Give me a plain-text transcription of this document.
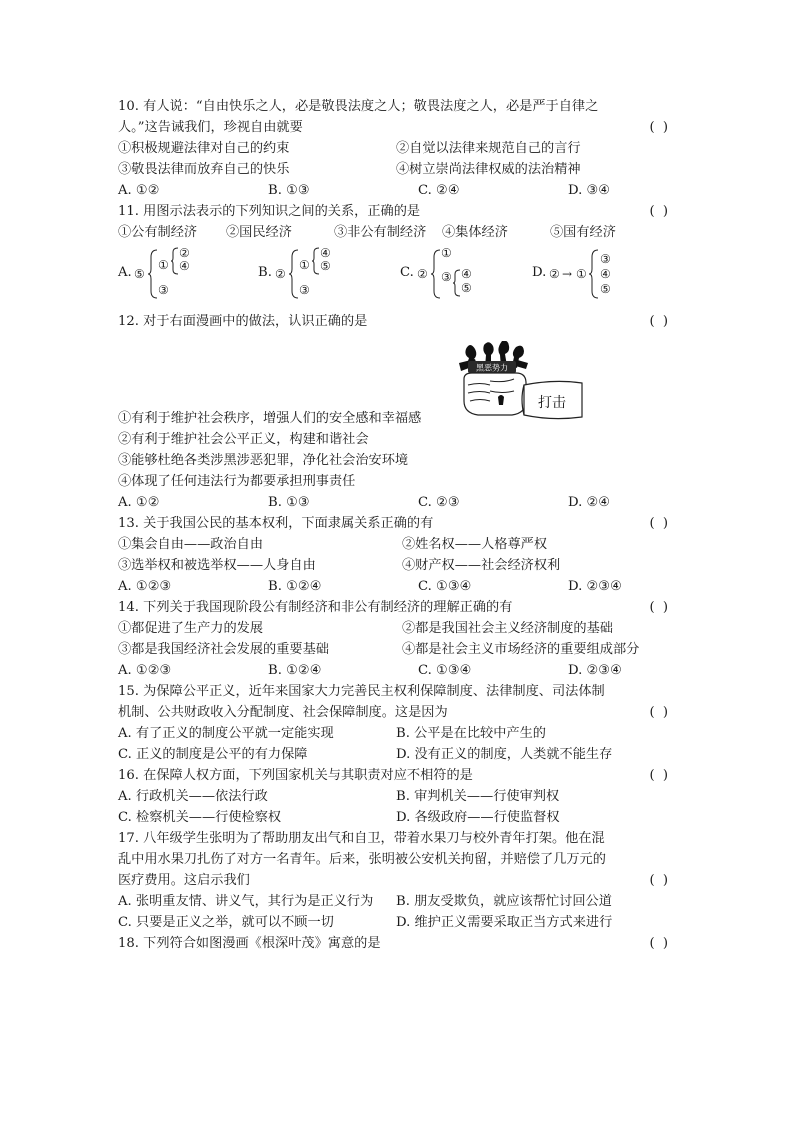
10. 有人说：“自由快乐之人，必是敬畏法度之人；敬畏法度之人，必是严于自律之人。”这告诫我们，珍视自由就要	( )
①积极规避法律对自己的约束	②自觉以法律来规范自己的言行
③敬畏法律而放弃自己的快乐	④树立崇尚法律权威的法治精神
A. ①②	B. ①③	C. ②④	D. ③④
11. 用图示法表示的下列知识之间的关系，正确的是	( )
①公有制经济 ②国民经济	③非公有制经济 ④集体经济	⑤国有经济
A. ⑤
①
②
④
③
B. ②
①
④
⑤
③
C. ②
①
③ ④
⑤
D. ② → ①
③
④
⑤
12. 对于右面漫画中的做法，认识正确的是	( )
黑恶势力
打击
①有利于维护社会秩序，增强人们的安全感和幸福感
②有利于维护社会公平正义，构建和谐社会
③能够杜绝各类涉黑涉恶犯罪，净化社会治安环境
④体现了任何违法行为都要承担刑事责任
A. ①②	B. ①③	C. ②③	D. ②④
13. 关于我国公民的基本权利，下面隶属关系正确的有	( )
①集会自由——政治自由	②姓名权——人格尊严权
③选举权和被选举权——人身自由	④财产权——社会经济权利
A. ①②③	B. ①②④	C. ①③④	D. ②③④
14. 下列关于我国现阶段公有制经济和非公有制经济的理解正确的有	( )
①都促进了生产力的发展	②都是我国社会主义经济制度的基础
③都是我国经济社会发展的重要基础	④都是社会主义市场经济的重要组成部分
A. ①②③	B. ①②④	C. ①③④	D. ②③④
15. 为保障公平正义，近年来国家大力完善民主权利保障制度、法律制度、司法体制机制、公共财政收入分配制度、社会保障制度。这是因为	( )
A. 有了正义的制度公平就一定能实现	B. 公平是在比较中产生的
C. 正义的制度是公平的有力保障	D. 没有正义的制度，人类就不能生存
16. 在保障人权方面，下列国家机关与其职责对应不相符的是	( )
A. 行政机关——依法行政	B. 审判机关——行使审判权
C. 检察机关——行使检察权	D. 各级政府——行使监督权
17. 八年级学生张明为了帮助朋友出气和自卫，带着水果刀与校外青年打架。他在混乱中用水果刀扎伤了对方一名青年。后来，张明被公安机关拘留，并赔偿了几万元的医疗费用。这启示我们	( )
A. 张明重友情、讲义气，其行为是正义行为 B. 朋友受欺负，就应该帮忙讨回公道
C. 只要是正义之举，就可以不顾一切	D. 维护正义需要采取正当方式来进行
18. 下列符合如图漫画《根深叶茂》寓意的是	( )
